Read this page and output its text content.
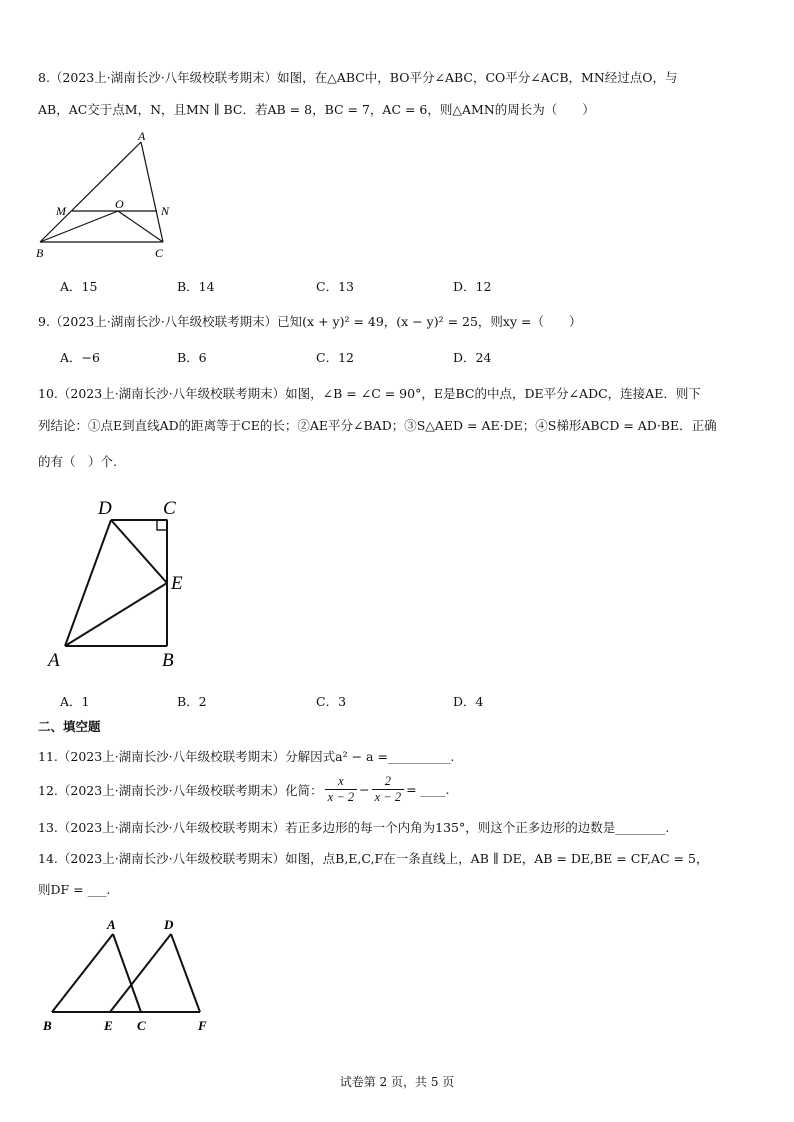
8.（2023上·湖南长沙·八年级校联考期末）如图，在△ABC中，BO平分∠ABC，CO平分∠ACB，MN经过点O，与
AB，AC交于点M，N，且MN ∥ BC．若AB = 8，BC = 7，AC = 6，则△AMN的周长为（　　）
A
M	O	N
B	C
A．15	B．14	C．13	D．12
9.（2023上·湖南长沙·八年级校联考期末）已知(x + y)² = 49，(x − y)² = 25，则xy =（　　）
A．−6	B．6	C．12	D．24
10.（2023上·湖南长沙·八年级校联考期末）如图，∠B = ∠C = 90°，E是BC的中点，DE平分∠ADC，连接AE．则下
列结论：①点E到直线AD的距离等于CE的长；②AE平分∠BAD；③S△AED = AE·DE；④S梯形ABCD = AD·BE．正确
的有（　）个.
D	C
E
A	B
A．1	B．2	C．3	D．4
二、填空题
11.（2023上·湖南长沙·八年级校联考期末）分解因式a² − a =__________.
12.（2023上·湖南长沙·八年级校联考期末）化简： $\frac{x}{x - 2} - \frac{2}{x - 2}$ = ____.
13.（2023上·湖南长沙·八年级校联考期末）若正多边形的每一个内角为135°，则这个正多边形的边数是________.
14.（2023上·湖南长沙·八年级校联考期末）如图，点B,E,C,F在一条直线上，AB ∥ DE，AB = DE,BE = CF,AC = 5，
则DF = ___.
A	D
B	E C	F
试卷第 2 页，共 5 页
